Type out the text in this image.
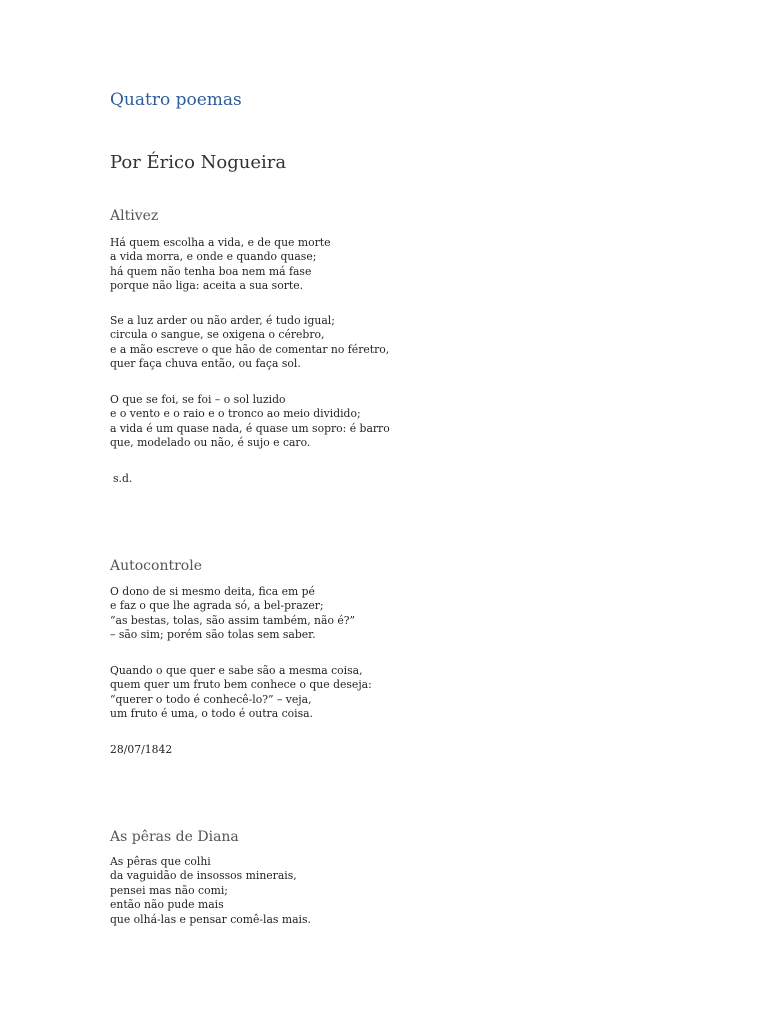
Quatro poemas
Por Érico Nogueira
Altivez
Há quem escolha a vida, e de que morte
a vida morra, e onde e quando quase;
há quem não tenha boa nem má fase
porque não liga: aceita a sua sorte.
Se a luz arder ou não arder, é tudo igual;
circula o sangue, se oxigena o cérebro,
e a mão escreve o que hão de comentar no féretro,
quer faça chuva então, ou faça sol.
O que se foi, se foi – o sol luzido
e o vento e o raio e o tronco ao meio dividido;
a vida é um quase nada, é quase um sopro: é barro
que, modelado ou não, é sujo e caro.
s.d.
Autocontrole
O dono de si mesmo deita, fica em pé
e faz o que lhe agrada só, a bel-prazer;
“as bestas, tolas, são assim também, não é?”
– são sim; porém são tolas sem saber.
Quando o que quer e sabe são a mesma coisa,
quem quer um fruto bem conhece o que deseja:
“querer o todo é conhecê-lo?” – veja,
um fruto é uma, o todo é outra coisa.
28/07/1842
As pêras de Diana
As pêras que colhi
da vaguidão de insossos minerais,
pensei mas não comi;
então não pude mais
que olhá-las e pensar comê-las mais.
